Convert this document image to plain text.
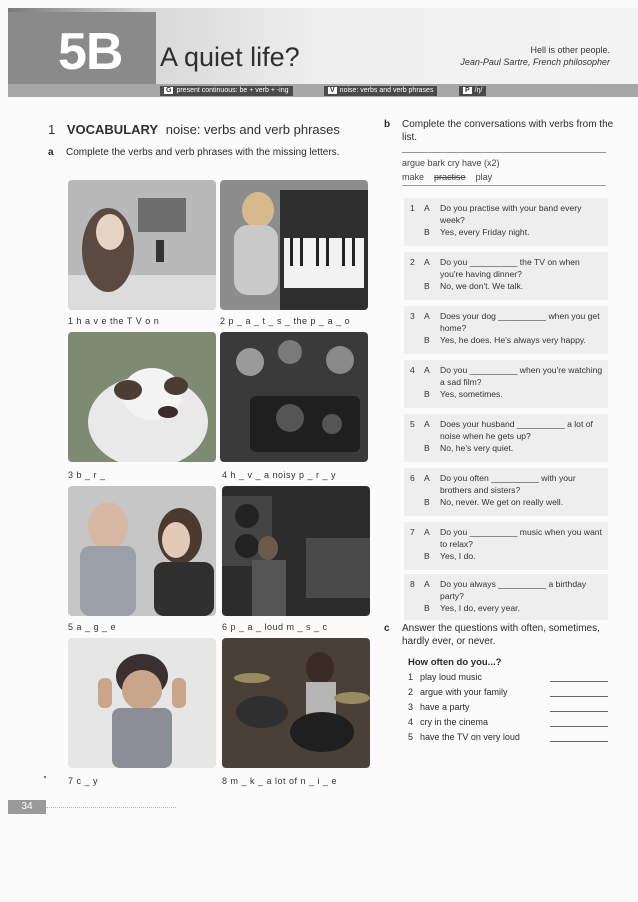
5B A quiet life?	Hell is other people.
Jean-Paul Sartre, French philosopher
G present continuous: be + verb + -ing	V noise: verbs and verb phrases	P /ŋ/
1 VOCABULARY noise: verbs and verb phrases
a Complete the verbs and verb phrases with the missing letters.
1 h a v e the T V o n	2 p _ a _ t _ s _ the p _ a _ o
3 b _ r _	4 h _ v _ a noisy p _ r _ y
5 a _ g _ e	6 p _ a _ loud m _ s _ c
7 c _ y	8 m _ k _ a lot of n _ i _ e
b Complete the conversations with verbs from the list.
argue bark cry have (x2)
make practise play
1 A Do you practise with your band every week?
B Yes, every Friday night.
2 A Do you __________ the TV on when you're having dinner?
B No, we don't. We talk.
3 A Does your dog __________ when you get home?
B Yes, he does. He's always very happy.
4 A Do you __________ when you're watching a sad film?
B Yes, sometimes.
5 A Does your husband __________ a lot of noise when he gets up?
B No, he's very quiet.
6 A Do you often __________ with your brothers and sisters?
B No, never. We get on really well.
7 A Do you __________ music when you want to relax?
B Yes, I do.
8 A Do you always __________ a birthday party?
B Yes, I do, every year.
c Answer the questions with often, sometimes, hardly ever, or never.
How often do you...?
1 play loud music
2 argue with your family
3 have a party
4 cry in the cinema
5 have the TV on very loud
34
